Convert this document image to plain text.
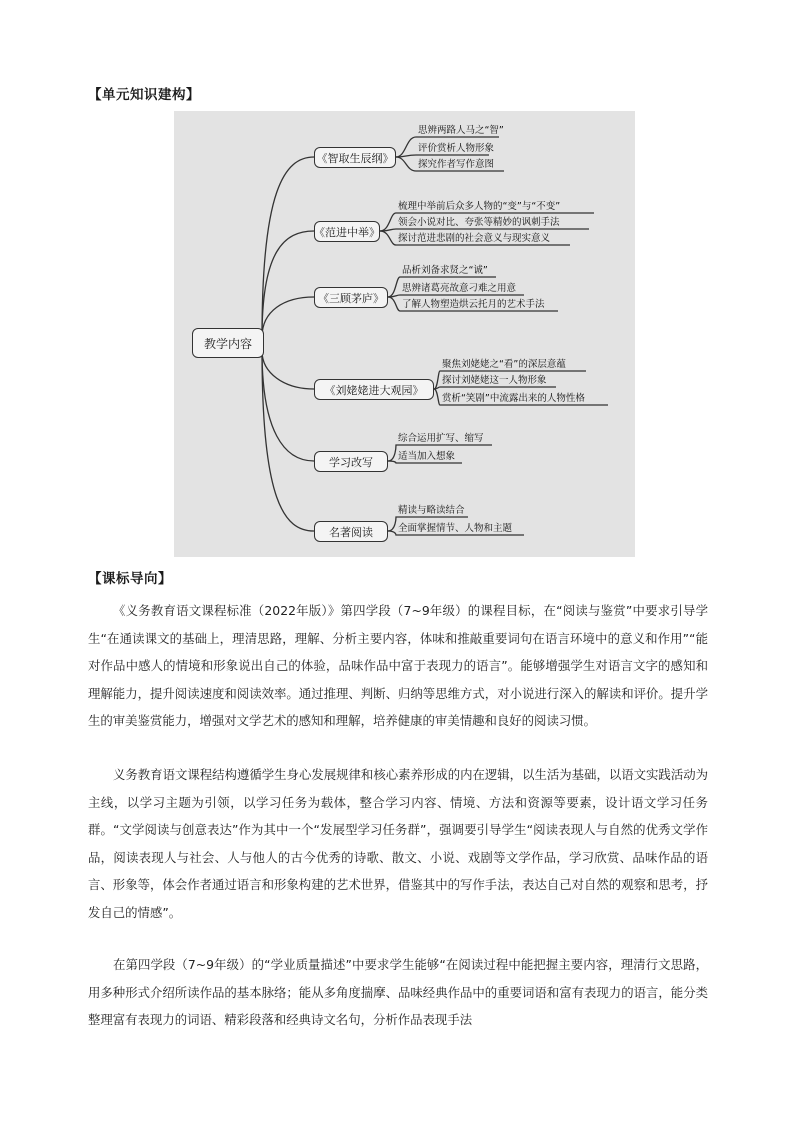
【单元知识建构】
教学内容
《智取生辰纲》
《范进中举》
《三顾茅庐》
《刘姥姥进大观园》
学习改写
名著阅读
思辨两路人马之“智”
评价赏析人物形象
探究作者写作意图
梳理中举前后众多人物的“变”与“不变”
领会小说对比、夸张等精妙的讽刺手法
探讨范进悲剧的社会意义与现实意义
品析刘备求贤之“诚”
思辨诸葛亮故意刁难之用意
了解人物塑造烘云托月的艺术手法
聚焦刘姥姥之“看”的深层意蕴
探讨刘姥姥这一人物形象
赏析“笑剧”中流露出来的人物性格
综合运用扩写、缩写
适当加入想象
精读与略读结合
全面掌握情节、人物和主题
【课标导向】

《义务教育语文课程标准（2022年版）》第四学段（7~9年级）的课程目标，在“阅读与鉴赏”中要求引导学生“在通读课文的基础上，理清思路，理解、分析主要内容，体味和推敲重要词句在语言环境中的意义和作用”“能对作品中感人的情境和形象说出自己的体验，品味作品中富于表现力的语言”。能够增强学生对语言文字的感知和理解能力，提升阅读速度和阅读效率。通过推理、判断、归纳等思维方式，对小说进行深入的解读和评价。提升学生的审美鉴赏能力，增强对文学艺术的感知和理解，培养健康的审美情趣和良好的阅读习惯。

义务教育语文课程结构遵循学生身心发展规律和核心素养形成的内在逻辑，以生活为基础，以语文实践活动为主线，以学习主题为引领，以学习任务为载体，整合学习内容、情境、方法和资源等要素，设计语文学习任务群。“文学阅读与创意表达”作为其中一个“发展型学习任务群”，强调要引导学生“阅读表现人与自然的优秀文学作品，阅读表现人与社会、人与他人的古今优秀的诗歌、散文、小说、戏剧等文学作品，学习欣赏、品味作品的语言、形象等，体会作者通过语言和形象构建的艺术世界，借鉴其中的写作手法，表达自己对自然的观察和思考，抒发自己的情感”。

在第四学段（7~9年级）的“学业质量描述”中要求学生能够“在阅读过程中能把握主要内容，理清行文思路，用多种形式介绍所读作品的基本脉络；能从多角度揣摩、品味经典作品中的重要词语和富有表现力的语言，能分类整理富有表现力的词语、精彩段落和经典诗文名句，分析作品表现手法
